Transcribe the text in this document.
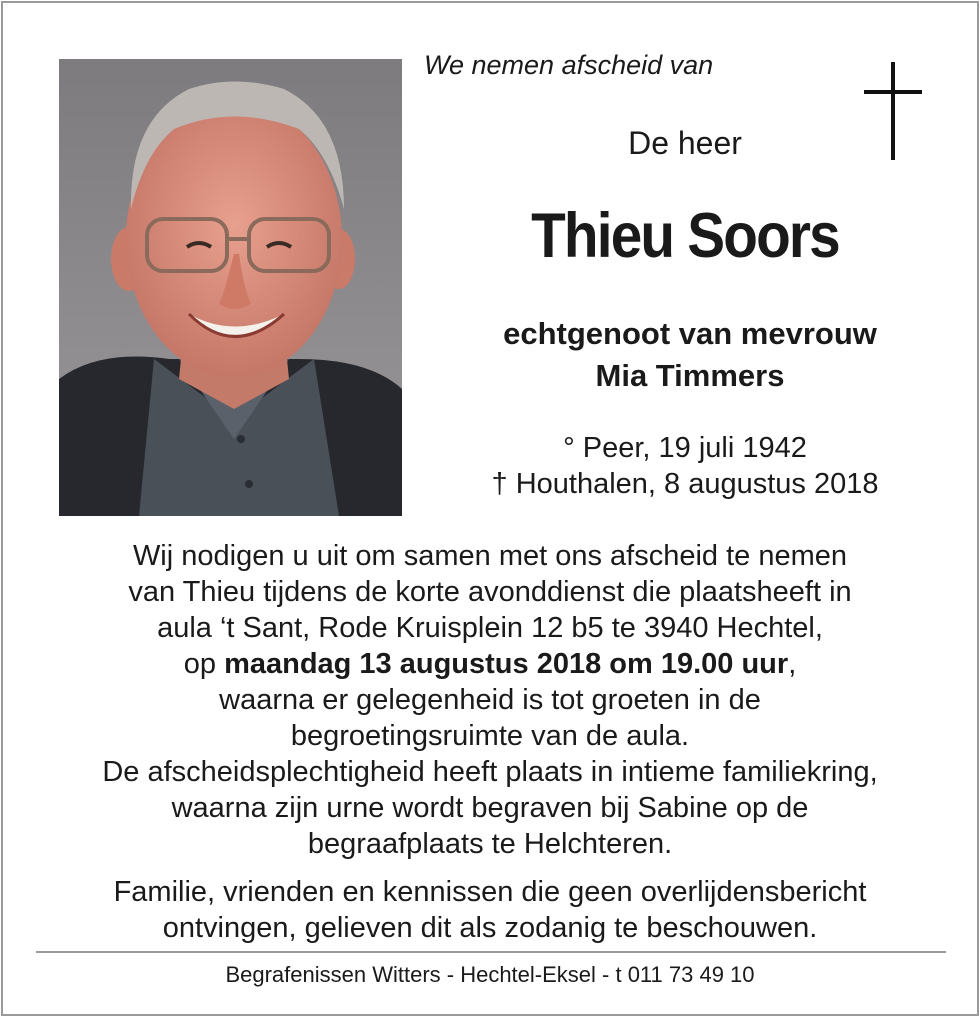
We nemen afscheid van
De heer
Thieu Soors
echtgenoot van mevrouw
Mia Timmers
° Peer, 19 juli 1942
† Houthalen, 8 augustus 2018
Wij nodigen u uit om samen met ons afscheid te nemen
van Thieu tijdens de korte avonddienst die plaatsheeft in
aula ‘t Sant, Rode Kruisplein 12 b5 te 3940 Hechtel,
op maandag 13 augustus 2018 om 19.00 uur,
waarna er gelegenheid is tot groeten in de
begroetingsruimte van de aula.
De afscheidsplechtigheid heeft plaats in intieme familiekring,
waarna zijn urne wordt begraven bij Sabine op de
begraafplaats te Helchteren.
Familie, vrienden en kennissen die geen overlijdensbericht
ontvingen, gelieven dit als zodanig te beschouwen.
Begrafenissen Witters - Hechtel-Eksel - t 011 73 49 10
